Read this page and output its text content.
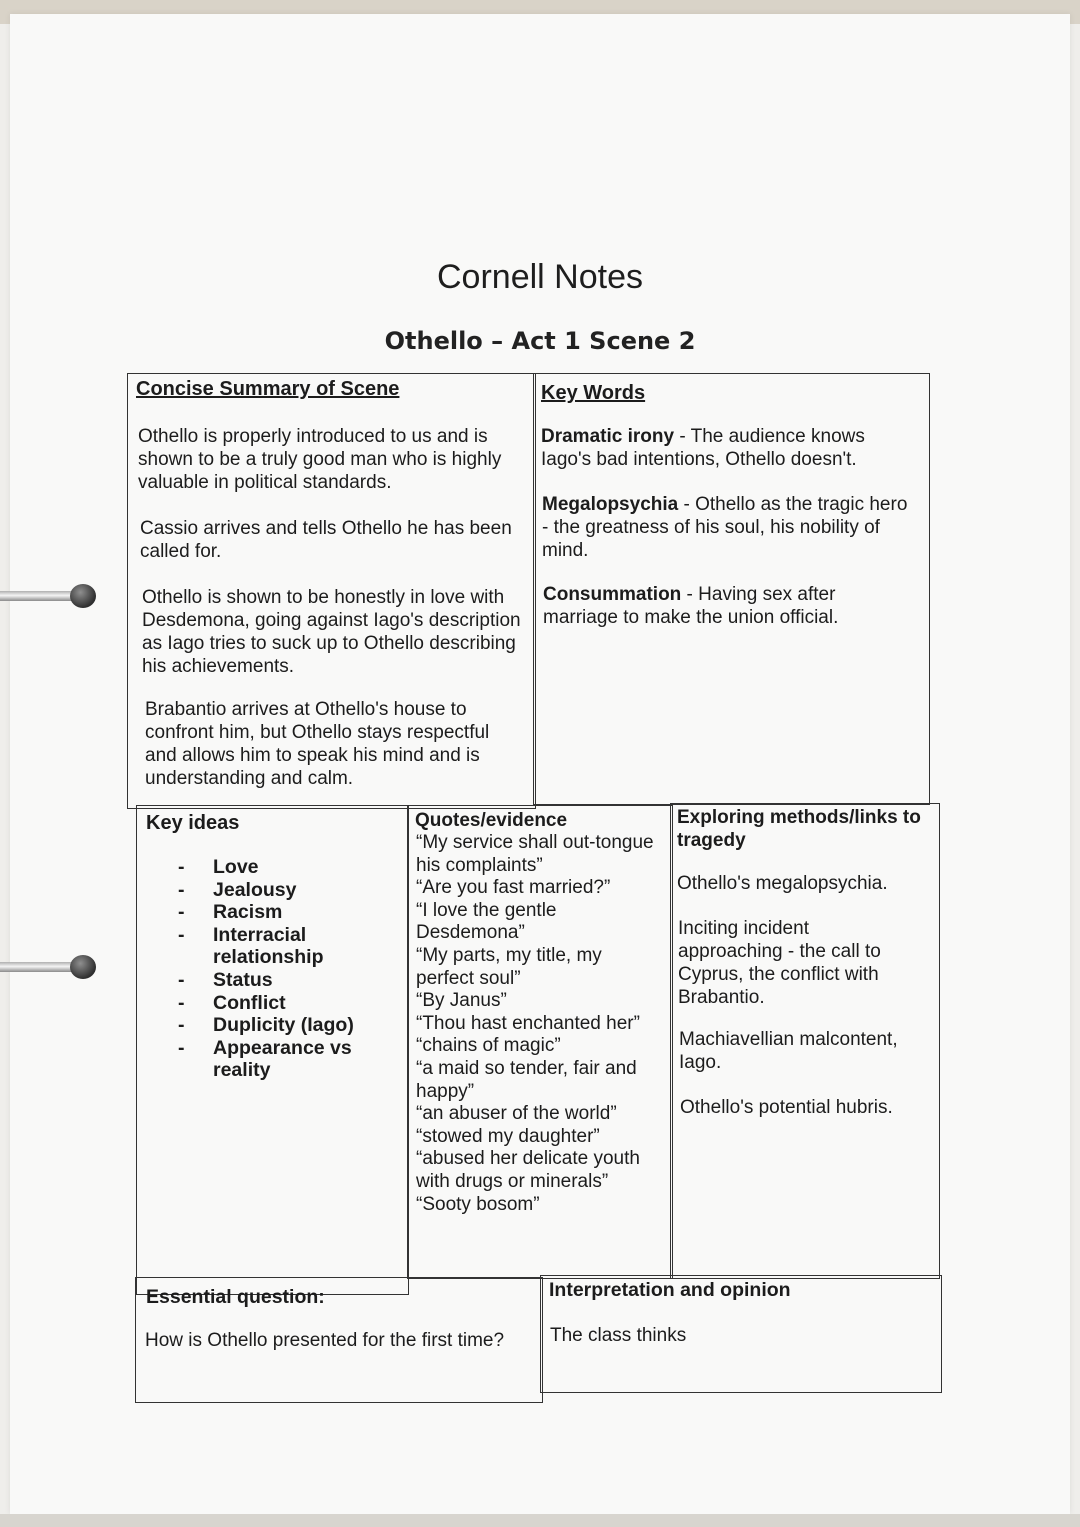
Cornell Notes
Othello – Act 1 Scene 2
Concise Summary of Scene

Othello is properly introduced to us and is shown to be a truly good man who is highly valuable in political standards.

Cassio arrives and tells Othello he has been called for.

Othello is shown to be honestly in love with Desdemona, going against Iago's description as Iago tries to suck up to Othello describing his achievements.

Brabantio arrives at Othello's house to confront him, but Othello stays respectful and allows him to speak his mind and is understanding and calm.

Key Words

Dramatic irony - The audience knows Iago's bad intentions, Othello doesn't.

Megalopsychia - Othello as the tragic hero - the greatness of his soul, his nobility of mind.

Consummation - Having sex after marriage to make the union official.

Key ideas
- Love
- Jealousy
- Racism
- Interracial relationship
- Status
- Conflict
- Duplicity (Iago)
- Appearance vs reality
Quotes/evidence
“My service shall out-tongue his complaints”
“Are you fast married?”
“I love the gentle Desdemona”
“My parts, my title, my perfect soul”
“By Janus”
“Thou hast enchanted her”
“chains of magic”
“a maid so tender, fair and happy”
“an abuser of the world”
“stowed my daughter”
“abused her delicate youth with drugs or minerals”
“Sooty bosom”
Exploring methods/links to tragedy

Othello's megalopsychia.

Inciting incident approaching - the call to Cyprus, the conflict with Brabantio.

Machiavellian malcontent, Iago.

Othello's potential hubris.

Essential question:

How is Othello presented for the first time?

Interpretation and opinion

The class thinks
